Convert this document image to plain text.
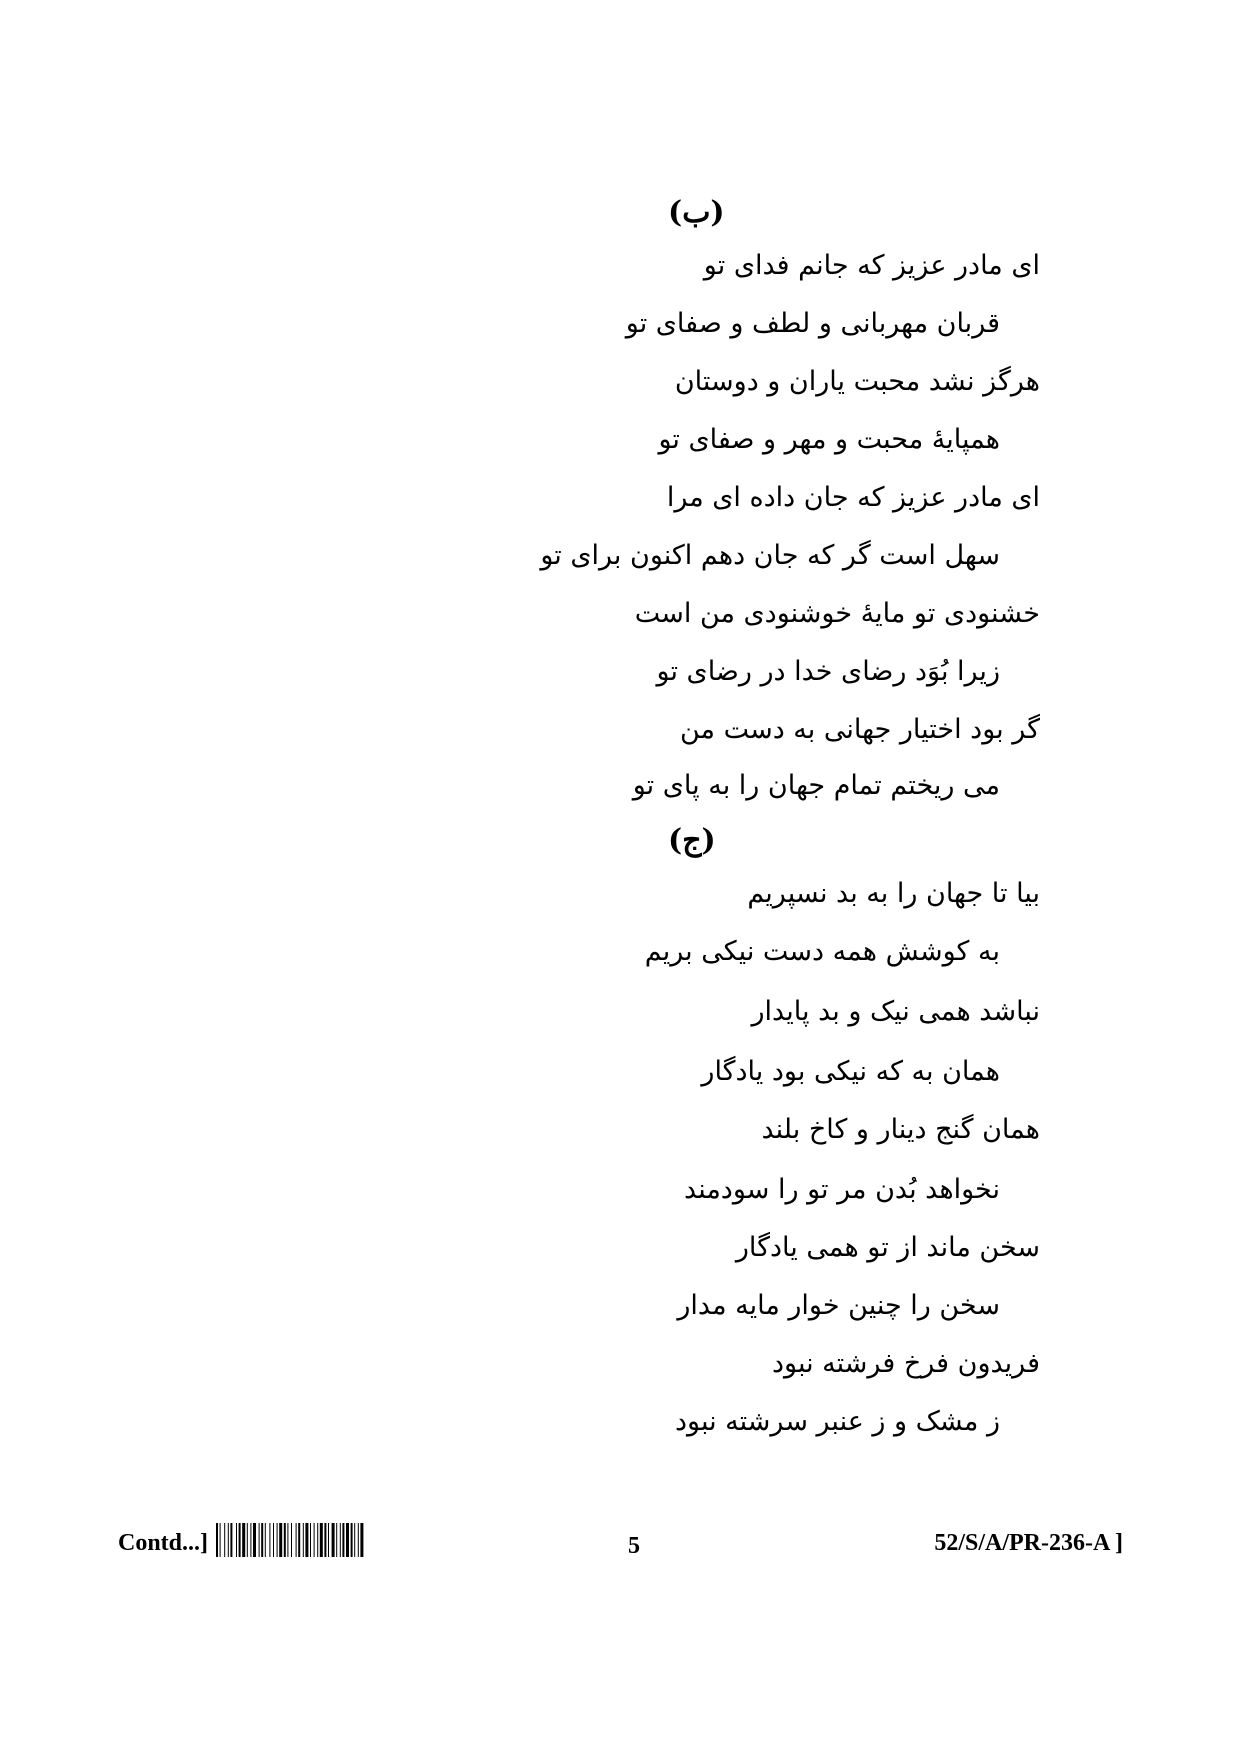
(ب)
ای مادر عزیز که جانم فدای تو
قربان مهربانی و لطف و صفای تو
هرگز نشد محبت یاران و دوستان
همپایۀ محبت و مهر و صفای تو
ای مادر عزیز که جان داده ای مرا
سهل است گر که جان دهم اکنون برای تو
خشنودی تو مایۀ خوشنودی من است
زیرا بُوَد رضای خدا در رضای تو
گر بود اختیار جهانی به دست من
می ریختم تمام جهان را به پای تو
(ج)
بیا تا جهان را به بد نسپریم
به کوشش همه دست نیکی بریم
نباشد همی نیک و بد پایدار
همان به که نیکی بود یادگار
همان گنج دینار و کاخ بلند
نخواهد بُدن مر تو را سودمند
سخن ماند از تو همی یادگار
سخن را چنین خوار مایه مدار
فریدون فرخ فرشته نبود
ز مشک و ز عنبر سرشته نبود
Contd...]	5	52/S/A/PR-236-A ]
